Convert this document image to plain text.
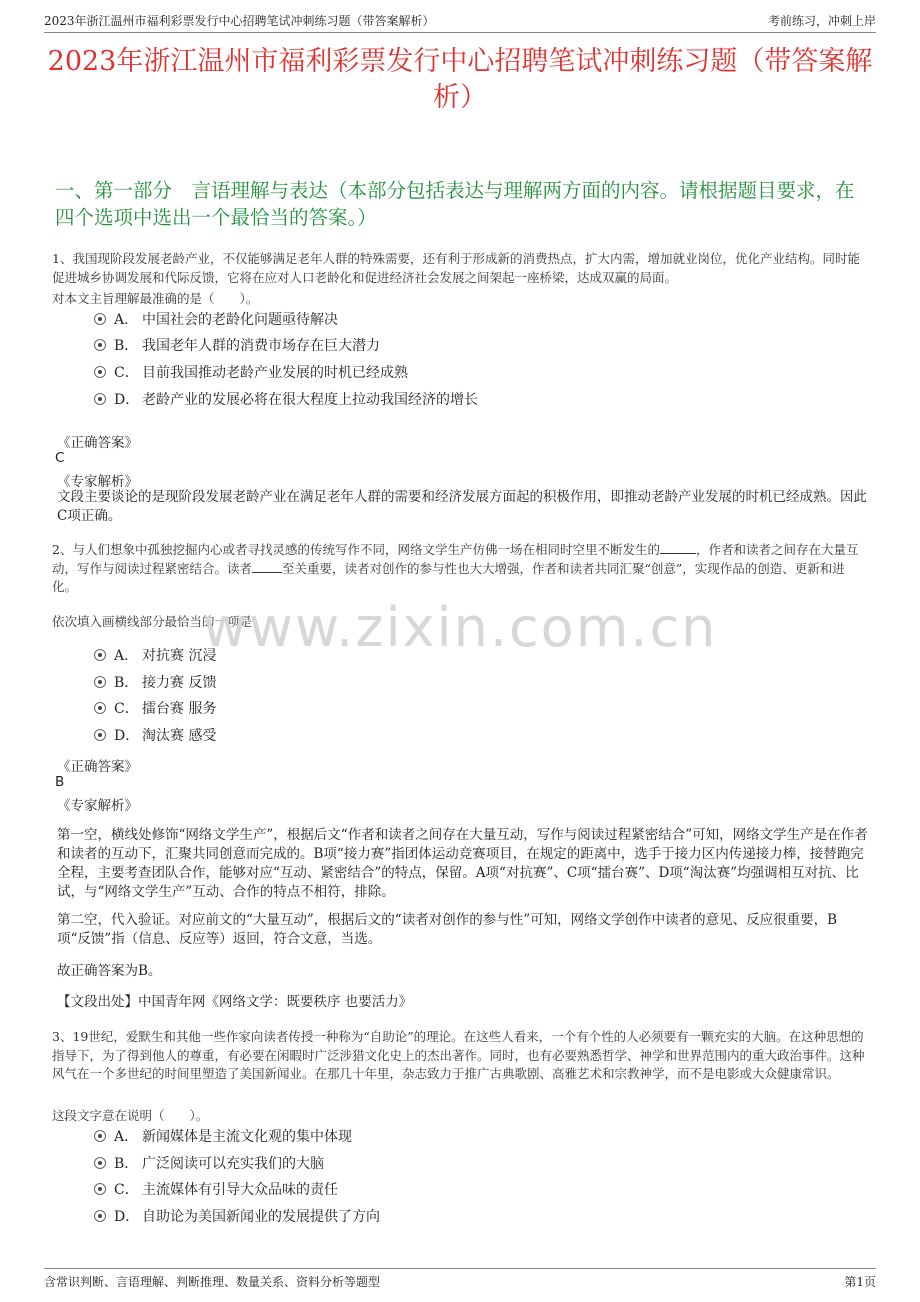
2023年浙江温州市福利彩票发行中心招聘笔试冲刺练习题（带答案解析）	考前练习，冲刺上岸
2023年浙江温州市福利彩票发行中心招聘笔试冲刺练习题（带答案解析）
一、第一部分　言语理解与表达（本部分包括表达与理解两方面的内容。请根据题目要求，在四个选项中选出一个最恰当的答案。）
1、我国现阶段发展老龄产业，不仅能够满足老年人群的特殊需要，还有利于形成新的消费热点，扩大内需，增加就业岗位，优化产业结构。同时能促进城乡协调发展和代际反馈，它将在应对人口老龄化和促进经济社会发展之间架起一座桥梁，达成双赢的局面。
对本文主旨理解最准确的是（　　）。
A． 中国社会的老龄化问题亟待解决
B． 我国老年人群的消费市场存在巨大潜力
C． 目前我国推动老龄产业发展的时机已经成熟
D． 老龄产业的发展必将在很大程度上拉动我国经济的增长
《正确答案》
C
《专家解析》
文段主要谈论的是现阶段发展老龄产业在满足老年人群的需要和经济发展方面起的积极作用，即推动老龄产业发展的时机已经成熟。因此C项正确。
2、与人们想象中孤独挖掘内心或者寻找灵感的传统写作不同，网络文学生产仿佛一场在相同时空里不断发生的	，作者和读者之间存在大量互动，写作与阅读过程紧密结合。读者 至关重要，读者对创作的参与性也大大增强，作者和读者共同汇聚“创意”，实现作品的创造、更新和进化。
依次填入画横线部分最恰当的一项是：
www.zixin.com.cn
A． 对抗赛 沉浸
B． 接力赛 反馈
C． 擂台赛 服务
D． 淘汰赛 感受
《正确答案》
B
《专家解析》
第一空，横线处修饰“网络文学生产”，根据后文“作者和读者之间存在大量互动，写作与阅读过程紧密结合”可知，网络文学生产是在作者和读者的互动下，汇聚共同创意而完成的。B项“接力赛”指团体运动竞赛项目，在规定的距离中，选手于接力区内传递接力棒，接替跑完全程，主要考查团队合作，能够对应“互动、紧密结合”的特点，保留。A项“对抗赛”、C项“擂台赛”、D项“淘汰赛”均强调相互对抗、比试，与“网络文学生产”互动、合作的特点不相符，排除。
第二空，代入验证。对应前文的“大量互动”，根据后文的“读者对创作的参与性”可知，网络文学创作中读者的意见、反应很重要，B项“反馈”指（信息、反应等）返回，符合文意，当选。
故正确答案为B。
【文段出处】中国青年网《网络文学：既要秩序 也要活力》
3、19世纪，爱默生和其他一些作家向读者传授一种称为“自助论”的理论。在这些人看来，一个有个性的人必须要有一颗充实的大脑。在这种思想的指导下，为了得到他人的尊重，有必要在闲暇时广泛涉猎文化史上的杰出著作。同时，也有必要熟悉哲学、神学和世界范围内的重大政治事件。这种风气在一个多世纪的时间里塑造了美国新闻业。在那几十年里，杂志致力于推广古典歌剧、高雅艺术和宗教神学，而不是电影或大众健康常识。
这段文字意在说明（　　）。
A． 新闻媒体是主流文化观的集中体现
B． 广泛阅读可以充实我们的大脑
C． 主流媒体有引导大众品味的责任
D． 自助论为美国新闻业的发展提供了方向
含常识判断、言语理解、判断推理、数量关系、资料分析等题型	第1页
